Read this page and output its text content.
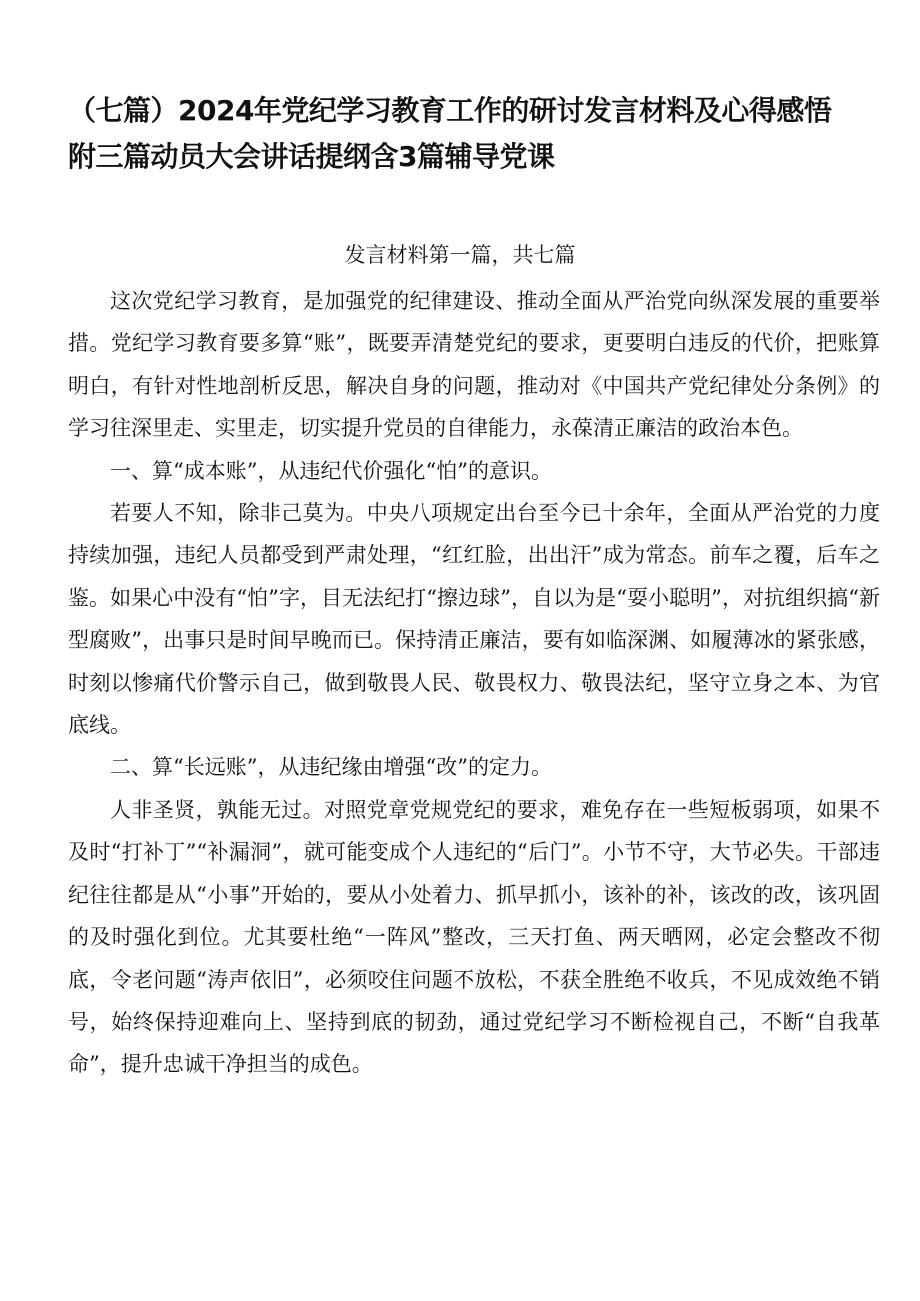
（七篇）2024年党纪学习教育工作的研讨发言材料及心得感悟
附三篇动员大会讲话提纲含3篇辅导党课

发言材料第一篇，共七篇

这次党纪学习教育，是加强党的纪律建设、推动全面从严治党向纵深发展的重要举措。党纪学习教育要多算“账”，既要弄清楚党纪的要求，更要明白违反的代价，把账算明白，有针对性地剖析反思，解决自身的问题，推动对《中国共产党纪律处分条例》的学习往深里走、实里走，切实提升党员的自律能力，永葆清正廉洁的政治本色。

一、算“成本账”，从违纪代价强化“怕”的意识。

若要人不知，除非己莫为。中央八项规定出台至今已十余年，全面从严治党的力度持续加强，违纪人员都受到严肃处理，“红红脸，出出汗”成为常态。前车之覆，后车之鉴。如果心中没有“怕”字，目无法纪打“擦边球”，自以为是“耍小聪明”，对抗组织搞“新型腐败”，出事只是时间早晚而已。保持清正廉洁，要有如临深渊、如履薄冰的紧张感，时刻以惨痛代价警示自己，做到敬畏人民、敬畏权力、敬畏法纪，坚守立身之本、为官底线。

二、算“长远账”，从违纪缘由增强“改”的定力。

人非圣贤，孰能无过。对照党章党规党纪的要求，难免存在一些短板弱项，如果不及时“打补丁”“补漏洞”，就可能变成个人违纪的“后门”。小节不守，大节必失。干部违纪往往都是从“小事”开始的，要从小处着力、抓早抓小，该补的补，该改的改，该巩固的及时强化到位。尤其要杜绝“一阵风”整改，三天打鱼、两天晒网，必定会整改不彻底，令老问题“涛声依旧”，必须咬住问题不放松，不获全胜绝不收兵，不见成效绝不销号，始终保持迎难向上、坚持到底的韧劲，通过党纪学习不断检视自己，不断“自我革命”，提升忠诚干净担当的成色。
